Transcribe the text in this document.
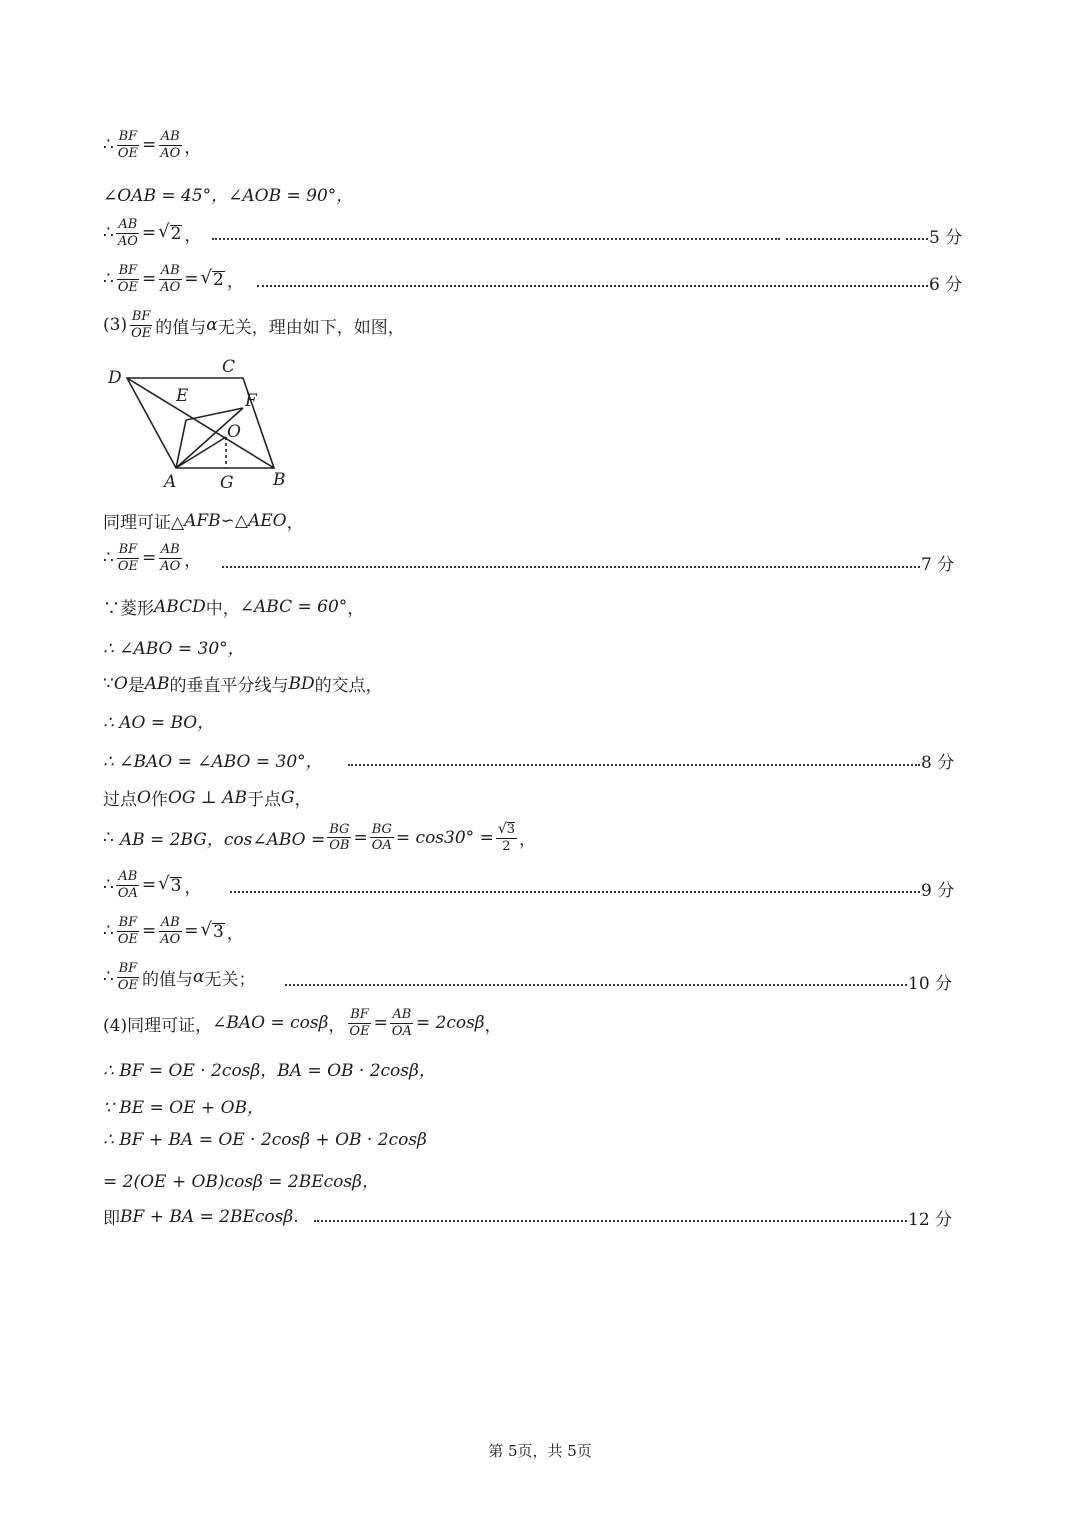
∴ $\frac{BF}{OE} = \frac{AB}{AO}$ ，
∠OAB = 45°，∠AOB = 90°，
∴ $\frac{AB}{AO}$ = √ 2 ，	5 分
∴ $\frac{BF}{OE} = \frac{AB}{AO}$ = √ 2 ，	6 分
$(3) \frac{BF}{OE}$ 的值与 α 无关，理由如下，如图，
D
C
E	F
O
A	G B
同理可证△ AFB ∽△ AEO ，
∴ $\frac{BF}{OE} = \frac{AB}{AO}$ ，	7 分
∵菱形 ABCD 中， ∠ABC = 60° ，
∴ ∠ABO = 30°，
∵ O 是 AB 的垂直平分线与 BD 的交点，
∴ AO = BO，
∴ ∠BAO = ∠ABO = 30°，	8 分
过点 O 作 OG ⊥ AB 于点 G ，
∴ AB = 2BG，cos∠ABO = $\frac{BG}{OB} = \frac{BG}{OA} = \cos 30^\circ = \frac{√ 3}{2}$ ，
∴ $\frac{AB}{OA}$ = √ 3 ，	9 分
∴ $\frac{BF}{OE} = \frac{AB}{AO}$ = √ 3 ，
∴ $\frac{BF}{OE}$ 的值与 α 无关；	10 分
(4)同理可证， ∠BAO = cosβ ， $\frac{BF}{OE} = \frac{AB}{OA} = 2\cos\beta$ ，
∴ BF = OE · 2cosβ，BA = OB · 2cosβ，
∵ BE = OE + OB，
∴ BF + BA = OE · 2cosβ + OB · 2cosβ
= 2(OE + OB)cosβ = 2BEcosβ，
即 BF + BA = 2BEcosβ .	12 分
第 5页，共 5页
